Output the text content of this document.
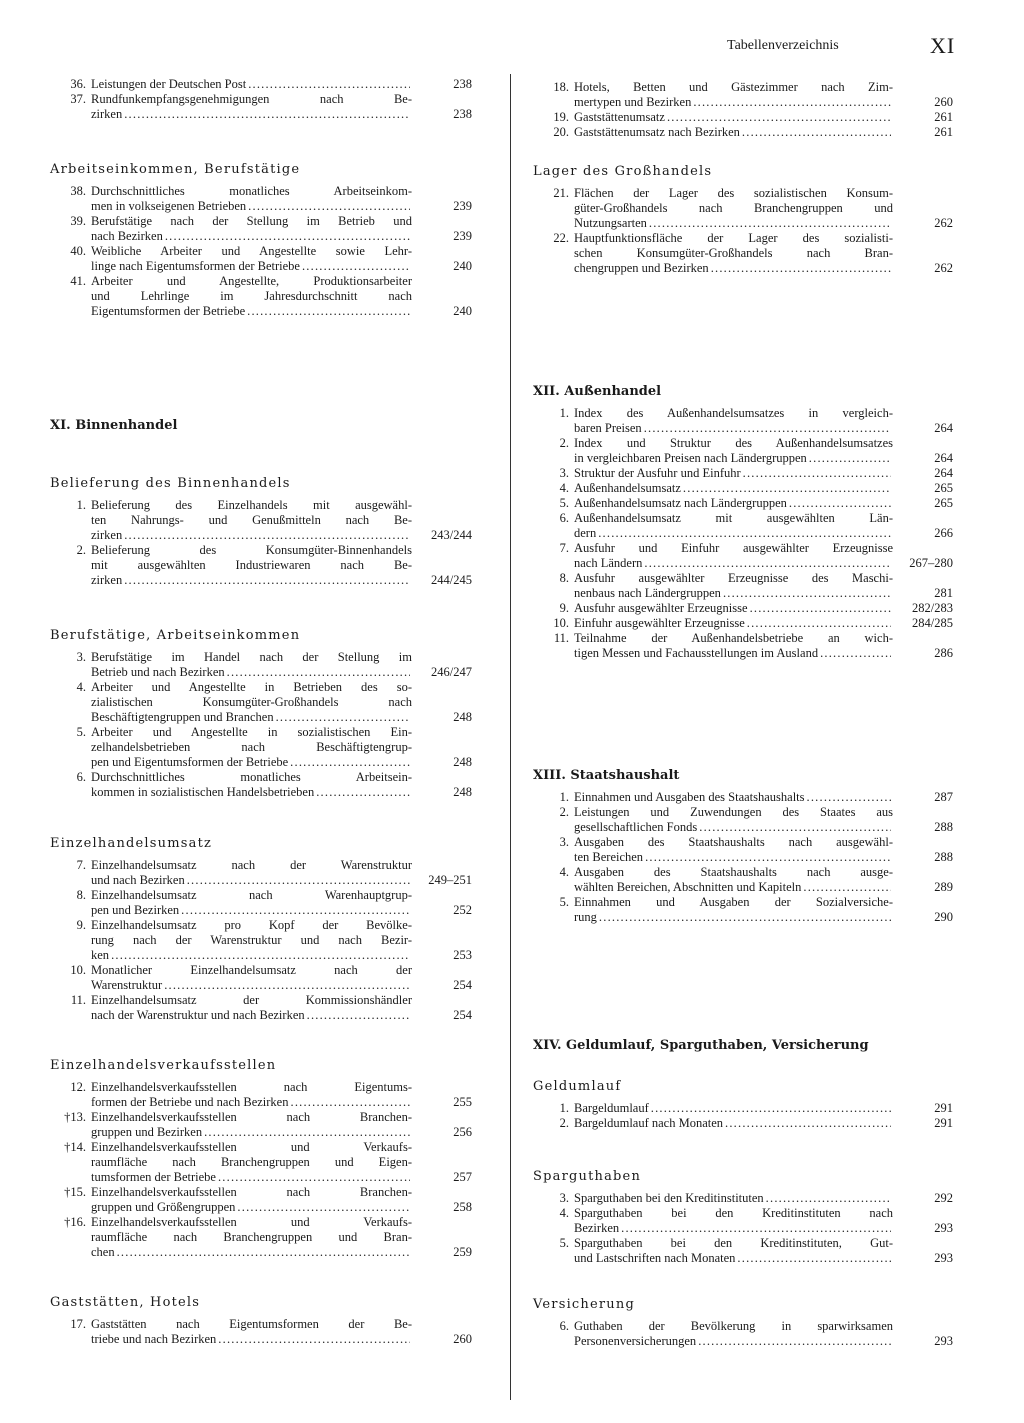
Tabellenverzeichnis	XI
36. Leistungen der Deutschen Post .....	238
37. Rundfunkempfangsgenehmigungen nach Be-
zirken .....	238
Arbeitseinkommen, Berufstätige
38. Durchschnittliches monatliches Arbeitseinkom-
men in volkseigenen Betrieben .....	239
39. Berufstätige nach der Stellung im Betrieb und
nach Bezirken .....	239
40. Weibliche Arbeiter und Angestellte sowie Lehr-
linge nach Eigentumsformen der Betriebe .....	240
41. Arbeiter und Angestellte, Produktionsarbeiter
und Lehrlinge im Jahresdurchschnitt nach
Eigentumsformen der Betriebe .....	240
XI. Binnenhandel
Belieferung des Binnenhandels
1. Belieferung des Einzelhandels mit ausgewähl-
ten Nahrungs- und Genußmitteln nach Be-
zirken .....	243/244
2. Belieferung des Konsumgüter-Binnenhandels
mit ausgewählten Industriewaren nach Be-
zirken .....	244/245
Berufstätige, Arbeitseinkommen
3. Berufstätige im Handel nach der Stellung im
Betrieb und nach Bezirken .....	246/247
4. Arbeiter und Angestellte in Betrieben des so-
zialistischen Konsumgüter-Großhandels nach
Beschäftigtengruppen und Branchen .....	248
5. Arbeiter und Angestellte in sozialistischen Ein-
zelhandelsbetrieben nach Beschäftigtengrup-
pen und Eigentumsformen der Betriebe .....	248
6. Durchschnittliches monatliches Arbeitsein-
kommen in sozialistischen Handelsbetrieben .....	248
Einzelhandelsumsatz
7. Einzelhandelsumsatz nach der Warenstruktur
und nach Bezirken .....	249–251
8. Einzelhandelsumsatz nach Warenhauptgrup-
pen und Bezirken .....	252
9. Einzelhandelsumsatz pro Kopf der Bevölke-
rung nach der Warenstruktur und nach Bezir-
ken .....	253
10. Monatlicher Einzelhandelsumsatz nach der
Warenstruktur .....	254
11. Einzelhandelsumsatz der Kommissionshändler
nach der Warenstruktur und nach Bezirken .....	254
Einzelhandelsverkaufsstellen
12. Einzelhandelsverkaufsstellen nach Eigentums-
formen der Betriebe und nach Bezirken .....	255
†13. Einzelhandelsverkaufsstellen nach Branchen-
gruppen und Bezirken .....	256
†14. Einzelhandelsverkaufsstellen und Verkaufs-
raumfläche nach Branchengruppen und Eigen-
tumsformen der Betriebe .....	257
†15. Einzelhandelsverkaufsstellen nach Branchen-
gruppen und Größengruppen .....	258
†16. Einzelhandelsverkaufsstellen und Verkaufs-
raumfläche nach Branchengruppen und Bran-
chen .....	259
Gaststätten, Hotels
17. Gaststätten nach Eigentumsformen der Be-
triebe und nach Bezirken .....	260
18. Hotels, Betten und Gästezimmer nach Zim-
mertypen und Bezirken .....	260
19. Gaststättenumsatz .....	261
20. Gaststättenumsatz nach Bezirken .....	261
Lager des Großhandels
21. Flächen der Lager des sozialistischen Konsum-
güter-Großhandels nach Branchengruppen und
Nutzungsarten .....	262
22. Hauptfunktionsfläche der Lager des sozialisti-
schen Konsumgüter-Großhandels nach Bran-
chengruppen und Bezirken .....	262
XII. Außenhandel
1. Index des Außenhandelsumsatzes in vergleich-
baren Preisen .....	264
2. Index und Struktur des Außenhandelsumsatzes
in vergleichbaren Preisen nach Ländergruppen .....	264
3. Struktur der Ausfuhr und Einfuhr .....	264
4. Außenhandelsumsatz .....	265
5. Außenhandelsumsatz nach Ländergruppen .....	265
6. Außenhandelsumsatz mit ausgewählten Län-
dern .....	266
7. Ausfuhr und Einfuhr ausgewählter Erzeugnisse
nach Ländern .....	267–280
8. Ausfuhr ausgewählter Erzeugnisse des Maschi-
nenbaus nach Ländergruppen .....	281
9. Ausfuhr ausgewählter Erzeugnisse .....	282/283
10. Einfuhr ausgewählter Erzeugnisse .....	284/285
11. Teilnahme der Außenhandelsbetriebe an wich-
tigen Messen und Fachausstellungen im Ausland .....	286
XIII. Staatshaushalt
1. Einnahmen und Ausgaben des Staatshaushalts .....	287
2. Leistungen und Zuwendungen des Staates aus
gesellschaftlichen Fonds .....	288
3. Ausgaben des Staatshaushalts nach ausgewähl-
ten Bereichen .....	288
4. Ausgaben des Staatshaushalts nach ausge-
wählten Bereichen, Abschnitten und Kapiteln .....	289
5. Einnahmen und Ausgaben der Sozialversiche-
rung .....	290
XIV. Geldumlauf, Sparguthaben, Versicherung
Geldumlauf
1. Bargeldumlauf .....	291
2. Bargeldumlauf nach Monaten .....	291
Sparguthaben
3. Sparguthaben bei den Kreditinstituten .....	292
4. Sparguthaben bei den Kreditinstituten nach
Bezirken .....	293
5. Sparguthaben bei den Kreditinstituten, Gut-
und Lastschriften nach Monaten .....	293
Versicherung
6. Guthaben der Bevölkerung in sparwirksamen
Personenversicherungen .....	293
